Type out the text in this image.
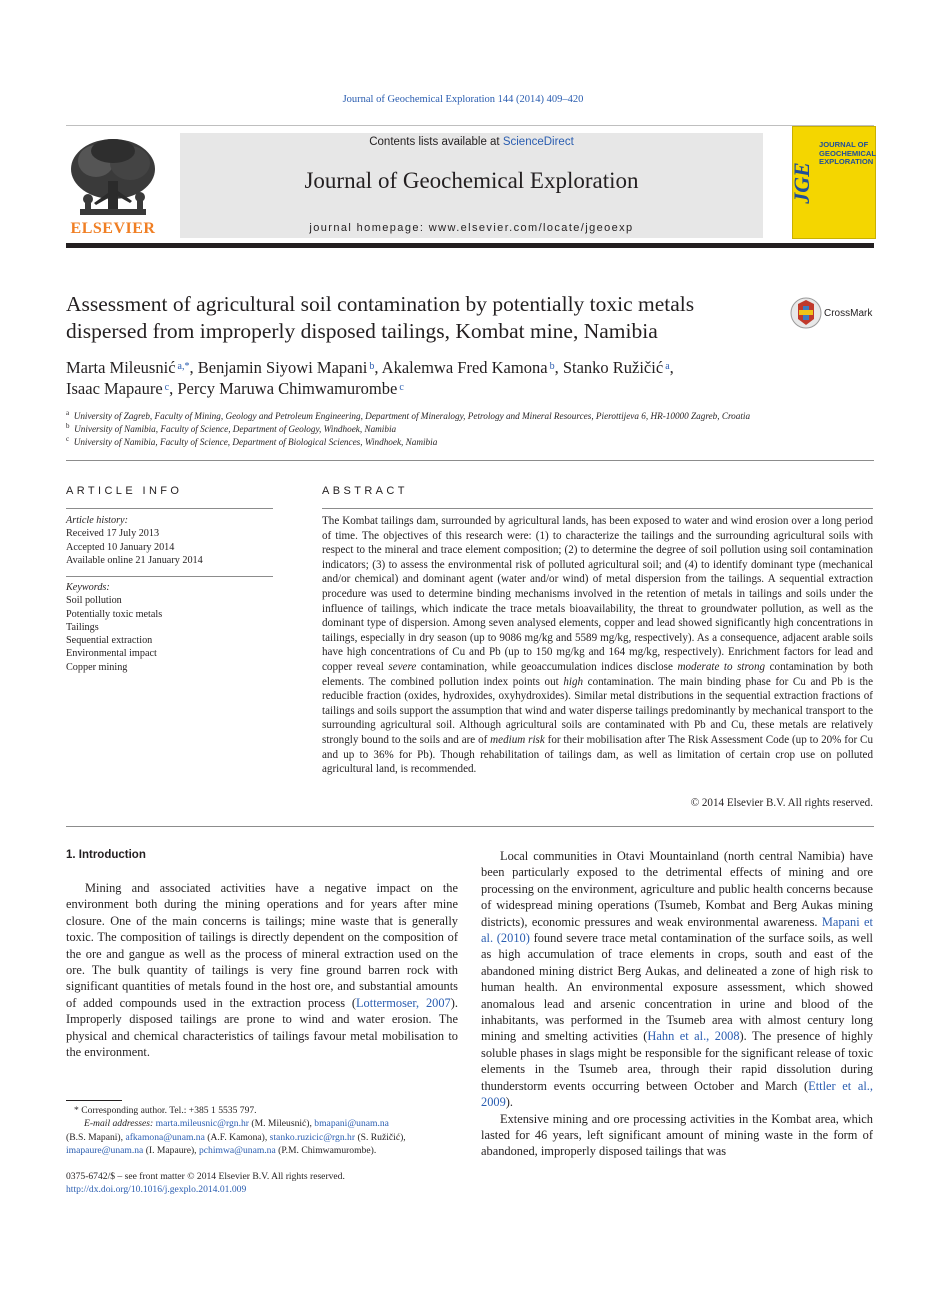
Journal of Geochemical Exploration 144 (2014) 409–420
ELSEVIER
Contents lists available at ScienceDirect
Journal of Geochemical Exploration
journal homepage: www.elsevier.com/locate/jgeoexp
JGE
JOURNAL OF
GEOCHEMICAL
EXPLORATION
Assessment of agricultural soil contamination by potentially toxic metals dispersed from improperly disposed tailings, Kombat mine, Namibia
CrossMark
Marta Mileusnić  $^{a,*}$, Benjamin Siyowi Mapani  $^b$, Akalemwa Fred Kamona  $^b$, Stanko Ružičić  $^a$,
Isaac Mapaure  $^c$, Percy Maruwa Chimwamurombe  $^c$
$^a$ University of Zagreb, Faculty of Mining, Geology and Petroleum Engineering, Department of Mineralogy, Petrology and Mineral Resources, Pierottijeva 6, HR-10000 Zagreb, Croatia
$^b$ University of Namibia, Faculty of Science, Department of Geology, Windhoek, Namibia
$^c$ University of Namibia, Faculty of Science, Department of Biological Sciences, Windhoek, Namibia
ARTICLE INFO
Article history:
Received 17 July 2013
Accepted 10 January 2014
Available online 21 January 2014
Keywords:
Soil pollution
Potentially toxic metals
Tailings
Sequential extraction
Environmental impact
Copper mining
ABSTRACT
The Kombat tailings dam, surrounded by agricultural lands, has been exposed to water and wind erosion over a long period of time. The objectives of this research were: (1) to characterize the tailings and the surrounding agricultural soils with respect to the mineral and trace element composition; (2) to determine the degree of soil pollution using soil contamination indicators; (3) to assess the environmental risk of polluted agricultural soil; and (4) to identify dominant type (mechanical and/or chemical) and dominant agent (water and/or wind) of metal dispersion from the tailings. A sequential extraction procedure was used to determine binding mechanisms involved in the retention of metals in tailings and soils under the influence of tailings, which indicate the trace metals bioavailability, the threat to groundwater pollution, as well as the dominant type of dispersion. Among seven analysed elements, copper and lead showed significantly high concentrations in tailings, especially in dry season (up to 9086 mg/kg and 5589 mg/kg, respectively). As a consequence, adjacent arable soils have high concentrations of Cu and Pb (up to 150 mg/kg and 164 mg/kg, respectively). Enrichment factors for lead and copper reveal severe contamination, while geoaccumulation indices disclose moderate to strong contamination by both elements. The combined pollution index points out high contamination. The main binding phase for Cu and Pb is the reducible fraction (oxides, hydroxides, oxyhydroxides). Similar metal distributions in the sequential extraction fractions of tailings and soils support the assumption that wind and water disperse tailings predominantly by mechanical transport to the surrounding agricultural soil. Although agricultural soils are contaminated with Pb and Cu, these metals are relatively strongly bound to the soils and are of medium risk for their mobilisation after The Risk Assessment Code (up to 20% for Cu and up to 36% for Pb). Though rehabilitation of tailings dam, as well as limitation of certain crop use on polluted agricultural land, is recommended.
© 2014 Elsevier B.V. All rights reserved.
1. Introduction

Mining and associated activities have a negative impact on the environment both during the mining operations and for years after mine closure. One of the main concerns is tailings; mine waste that is generally toxic. The composition of tailings is directly dependent on the composition of the ore and gangue as well as the process of mineral extraction used on the ore. The bulk quantity of tailings is very fine ground barren rock with significant quantities of metals found in the host ore, and substantial amounts of added compounds used in the extraction process (Lottermoser, 2007). Improperly disposed tailings are prone to wind and water erosion. The physical and chemical characteristics of tailings favour metal mobilisation to the environment.

Local communities in Otavi Mountainland (north central Namibia) have been particularly exposed to the detrimental effects of mining and ore processing on the environment, agriculture and public health concerns because of widespread mining operations (Tsumeb, Kombat and Berg Aukas mining districts), economic pressures and weak environmental awareness. Mapani et al. (2010) found severe trace metal contamination of the surface soils, as well as high accumulation of trace elements in crops, south and east of the abandoned mining district Berg Aukas, and delineated a zone of high risk to human health. An environmental exposure assessment, which showed anomalous lead and arsenic concentration in urine and blood of the inhabitants, was performed in the Tsumeb area with almost century long mining and smelting activities (Hahn et al., 2008). The presence of highly soluble phases in slags might be responsible for the significant release of toxic elements in the Tsumeb area, through their rapid dissolution during thunderstorm events occurring between October and March (Ettler et al., 2009).

Extensive mining and ore processing activities in the Kombat area, which lasted for 46 years, left significant amount of mining waste in the form of abandoned, improperly disposed tailings that was

* Corresponding author. Tel.: +385 1 5535 797.
E-mail addresses: marta.mileusnic@rgn.hr (M. Mileusnić), bmapani@unam.na
(B.S. Mapani), afkamona@unam.na (A.F. Kamona), stanko.ruzicic@rgn.hr (S. Ružičić),
imapaure@unam.na (I. Mapaure), pchimwa@unam.na (P.M. Chimwamurombe).
0375-6742/$ – see front matter © 2014 Elsevier B.V. All rights reserved.
http://dx.doi.org/10.1016/j.gexplo.2014.01.009
